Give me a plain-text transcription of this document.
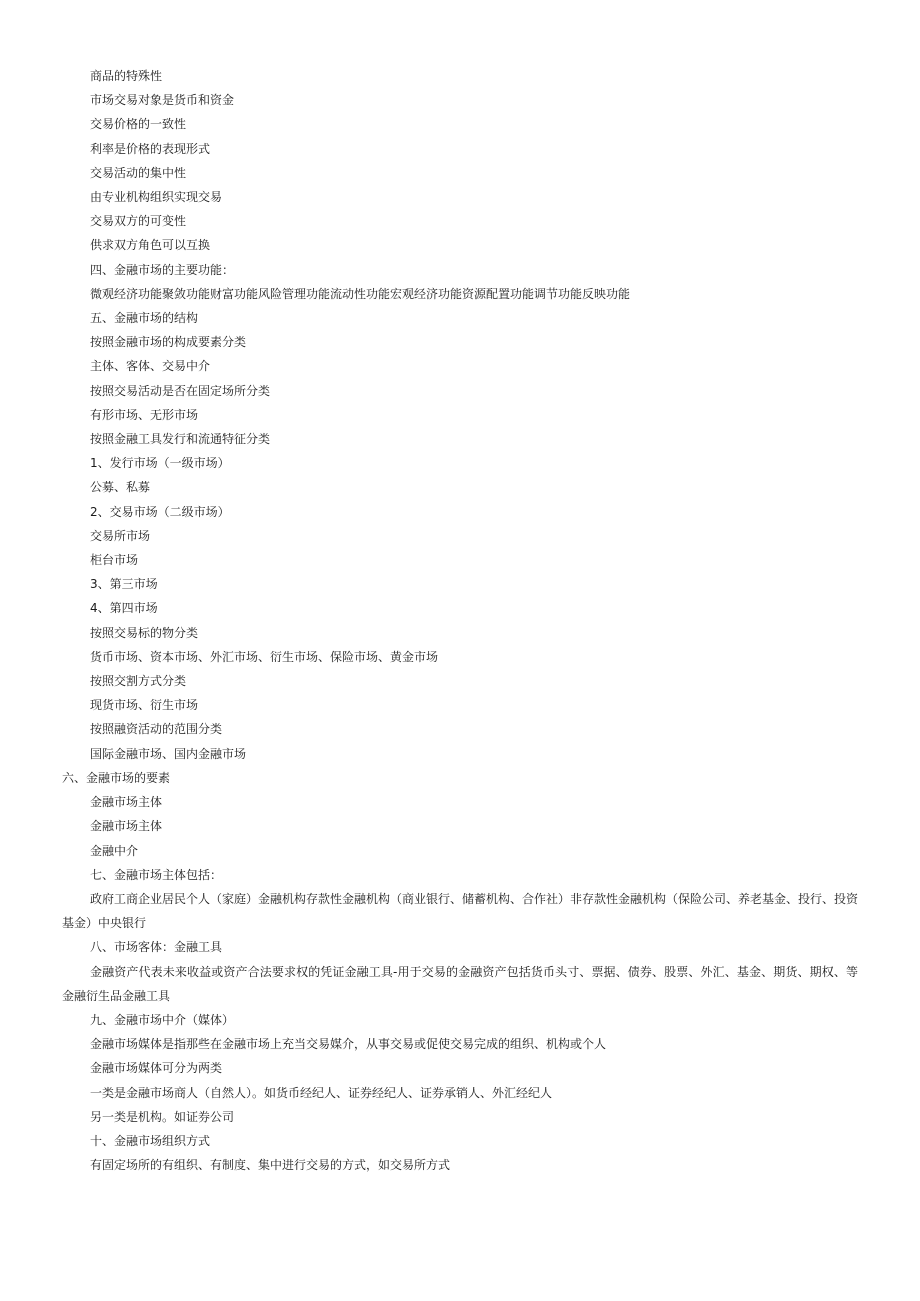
商品的特殊性
市场交易对象是货币和资金
交易价格的一致性
利率是价格的表现形式
交易活动的集中性
由专业机构组织实现交易
交易双方的可变性
供求双方角色可以互换
四、金融市场的主要功能：
微观经济功能聚敛功能财富功能风险管理功能流动性功能宏观经济功能资源配置功能调节功能反映功能
五、金融市场的结构
按照金融市场的构成要素分类
主体、客体、交易中介
按照交易活动是否在固定场所分类
有形市场、无形市场
按照金融工具发行和流通特征分类
1、发行市场（一级市场）
公募、私募
2、交易市场（二级市场）
交易所市场
柜台市场
3、第三市场
4、第四市场
按照交易标的物分类
货币市场、资本市场、外汇市场、衍生市场、保险市场、黄金市场
按照交割方式分类
现货市场、衍生市场
按照融资活动的范围分类
国际金融市场、国内金融市场
六、金融市场的要素
金融市场主体
金融市场主体
金融中介
七、金融市场主体包括：
政府工商企业居民个人（家庭）金融机构存款性金融机构（商业银行、储蓄机构、合作社）非存款性金融机构（保险公司、养老基金、投行、投资基金）中央银行
八、市场客体：金融工具
金融资产代表未来收益或资产合法要求权的凭证金融工具-用于交易的金融资产包括货币头寸、票据、债券、股票、外汇、基金、期货、期权、等金融衍生品金融工具
九、金融市场中介（媒体）
金融市场媒体是指那些在金融市场上充当交易媒介，从事交易或促使交易完成的组织、机构或个人
金融市场媒体可分为两类
一类是金融市场商人（自然人）。如货币经纪人、证券经纪人、证券承销人、外汇经纪人
另一类是机构。如证券公司
十、金融市场组织方式
有固定场所的有组织、有制度、集中进行交易的方式，如交易所方式
